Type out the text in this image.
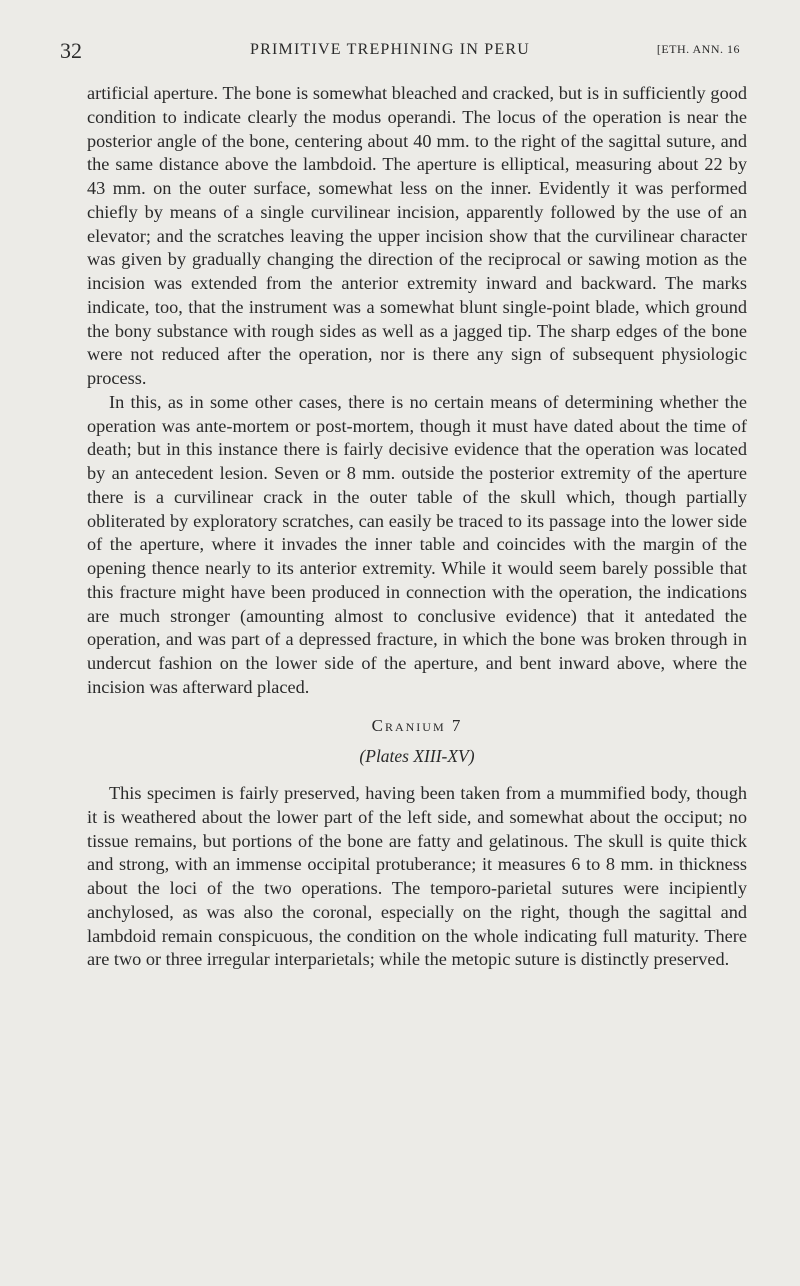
32	PRIMITIVE TREPHINING IN PERU	[ETH. ANN. 16

artificial aperture. The bone is somewhat bleached and cracked, but is in sufficiently good condition to indicate clearly the modus operandi. The locus of the operation is near the posterior angle of the bone, centering about 40 mm. to the right of the sagittal suture, and the same distance above the lambdoid. The aperture is elliptical, measuring about 22 by 43 mm. on the outer surface, somewhat less on the inner. Evidently it was performed chiefly by means of a single curvilinear incision, apparently followed by the use of an elevator; and the scratches leaving the upper incision show that the curvilinear character was given by gradually changing the direction of the reciprocal or sawing motion as the incision was extended from the anterior extremity inward and backward. The marks indicate, too, that the instrument was a somewhat blunt single-point blade, which ground the bony substance with rough sides as well as a jagged tip. The sharp edges of the bone were not reduced after the operation, nor is there any sign of subsequent physiologic process.

In this, as in some other cases, there is no certain means of determining whether the operation was ante-mortem or post-mortem, though it must have dated about the time of death; but in this instance there is fairly decisive evidence that the operation was located by an antecedent lesion. Seven or 8 mm. outside the posterior extremity of the aperture there is a curvilinear crack in the outer table of the skull which, though partially obliterated by exploratory scratches, can easily be traced to its passage into the lower side of the aperture, where it invades the inner table and coincides with the margin of the opening thence nearly to its anterior extremity. While it would seem barely possible that this fracture might have been produced in connection with the operation, the indications are much stronger (amounting almost to conclusive evidence) that it antedated the operation, and was part of a depressed fracture, in which the bone was broken through in undercut fashion on the lower side of the aperture, and bent inward above, where the incision was afterward placed.

Cranium 7
(Plates XIII-XV)

This specimen is fairly preserved, having been taken from a mummified body, though it is weathered about the lower part of the left side, and somewhat about the occiput; no tissue remains, but portions of the bone are fatty and gelatinous. The skull is quite thick and strong, with an immense occipital protuberance; it measures 6 to 8 mm. in thickness about the loci of the two operations. The temporo-parietal sutures were incipiently anchylosed, as was also the coronal, especially on the right, though the sagittal and lambdoid remain conspicuous, the condition on the whole indicating full maturity. There are two or three irregular interparietals; while the metopic suture is distinctly preserved.
